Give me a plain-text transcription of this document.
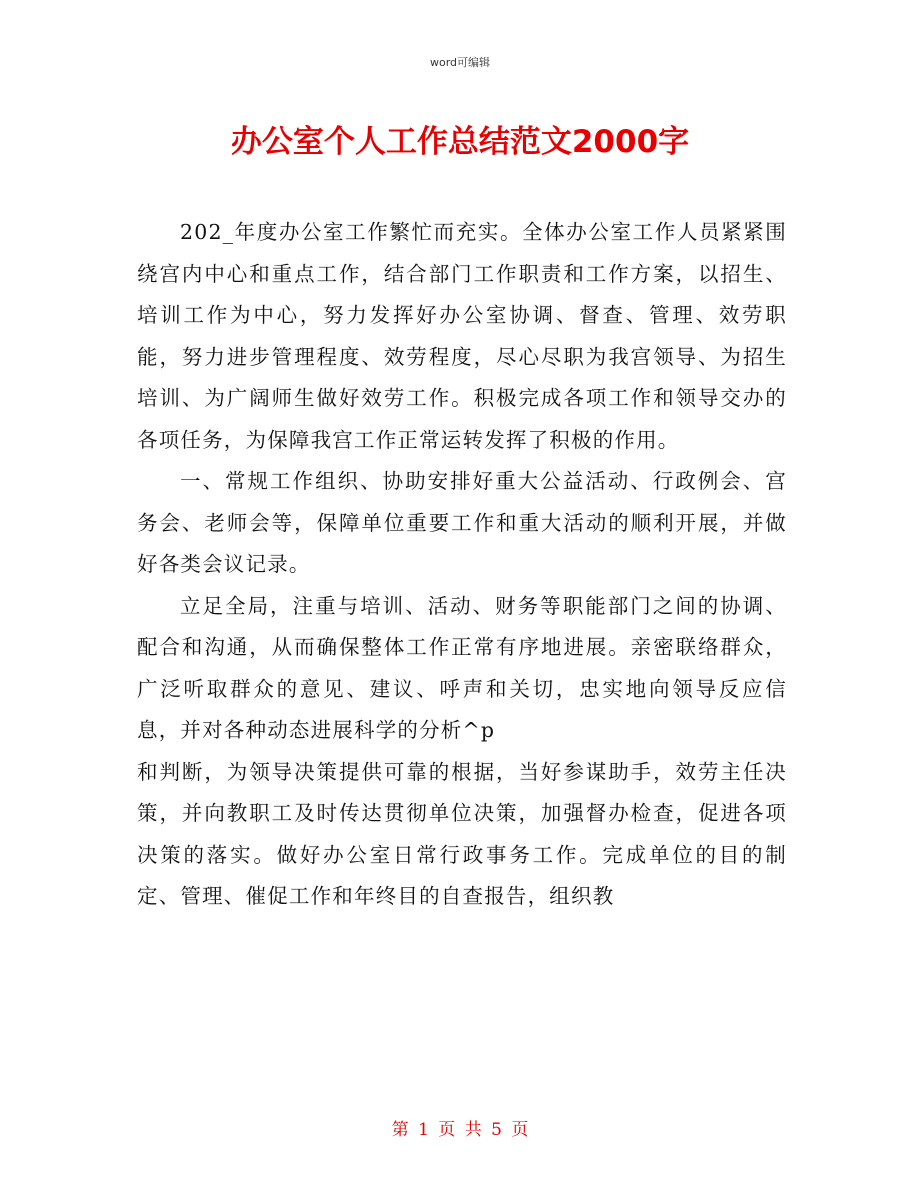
word可编辑
办公室个人工作总结范文2000字

202_年度办公室工作繁忙而充实。全体办公室工作人员紧紧围绕宫内中心和重点工作，结合部门工作职责和工作方案，以招生、培训工作为中心，努力发挥好办公室协调、督查、管理、效劳职能，努力进步管理程度、效劳程度，尽心尽职为我宫领导、为招生培训、为广阔师生做好效劳工作。积极完成各项工作和领导交办的各项任务，为保障我宫工作正常运转发挥了积极的作用。

一、常规工作组织、协助安排好重大公益活动、行政例会、宫务会、老师会等，保障单位重要工作和重大活动的顺利开展，并做好各类会议记录。

立足全局，注重与培训、活动、财务等职能部门之间的协调、配合和沟通，从而确保整体工作正常有序地进展。亲密联络群众，广泛听取群众的意见、建议、呼声和关切，忠实地向领导反应信息，并对各种动态进展科学的分析^p

和判断，为领导决策提供可靠的根据，当好参谋助手，效劳主任决策，并向教职工及时传达贯彻单位决策，加强督办检查，促进各项决策的落实。做好办公室日常行政事务工作。完成单位的目的制定、管理、催促工作和年终目的自查报告，组织教

第 1 页 共 5 页
